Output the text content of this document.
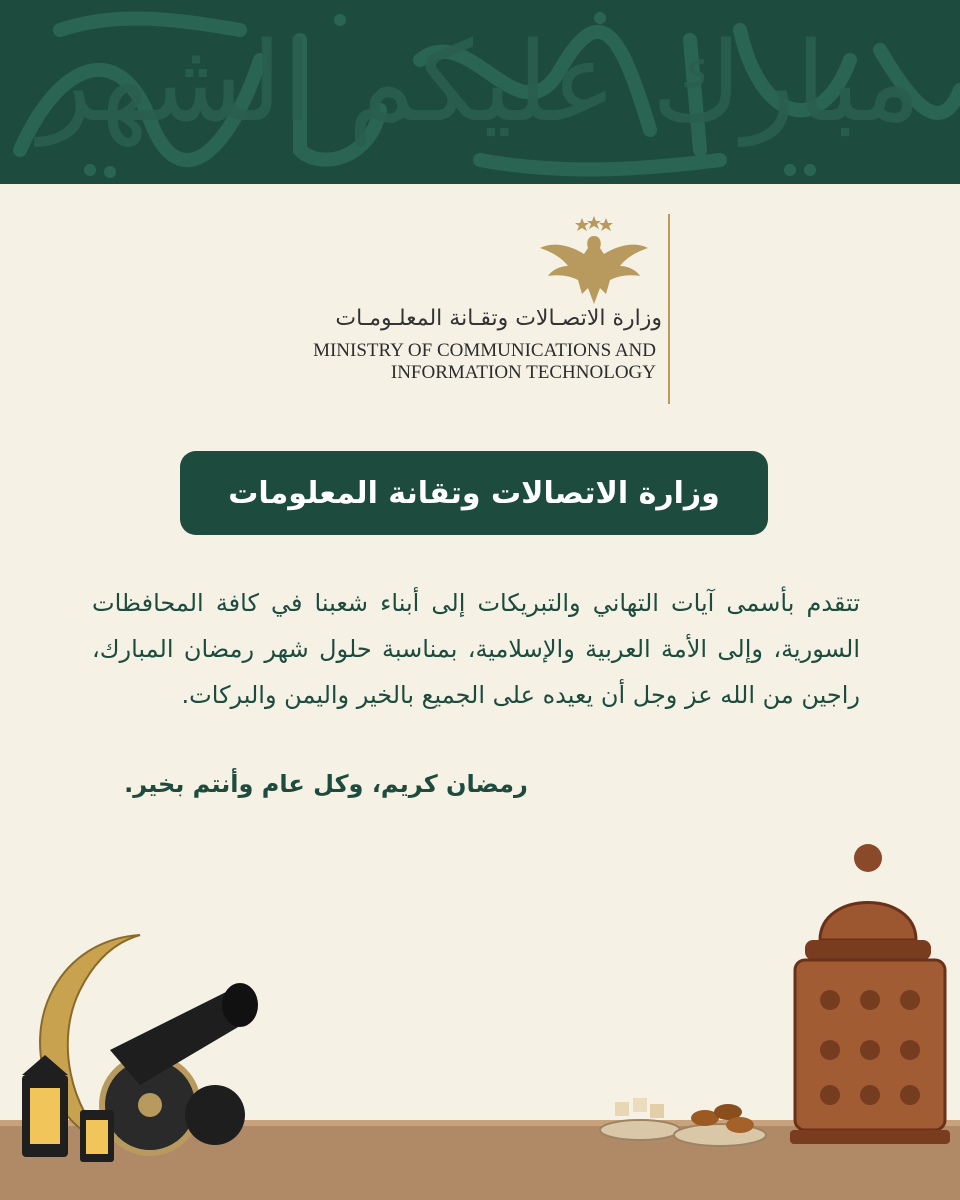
مبارك عليكم الشهر
وزارة الاتصـالات وتقـانة المعلـومـات
MINISTRY OF COMMUNICATIONS AND
INFORMATION TECHNOLOGY
وزارة الاتصالات وتقانة المعلومات

تتقدم بأسمى آيات التهاني والتبريكات إلى أبناء شعبنا في كافة المحافظات السورية، وإلى الأمة العربية والإسلامية، بمناسبة حلول شهر رمضان المبارك، راجين من الله عز وجل أن يعيده على الجميع بالخير واليمن والبركات.

رمضان كريم، وكل عام وأنتم بخير.
